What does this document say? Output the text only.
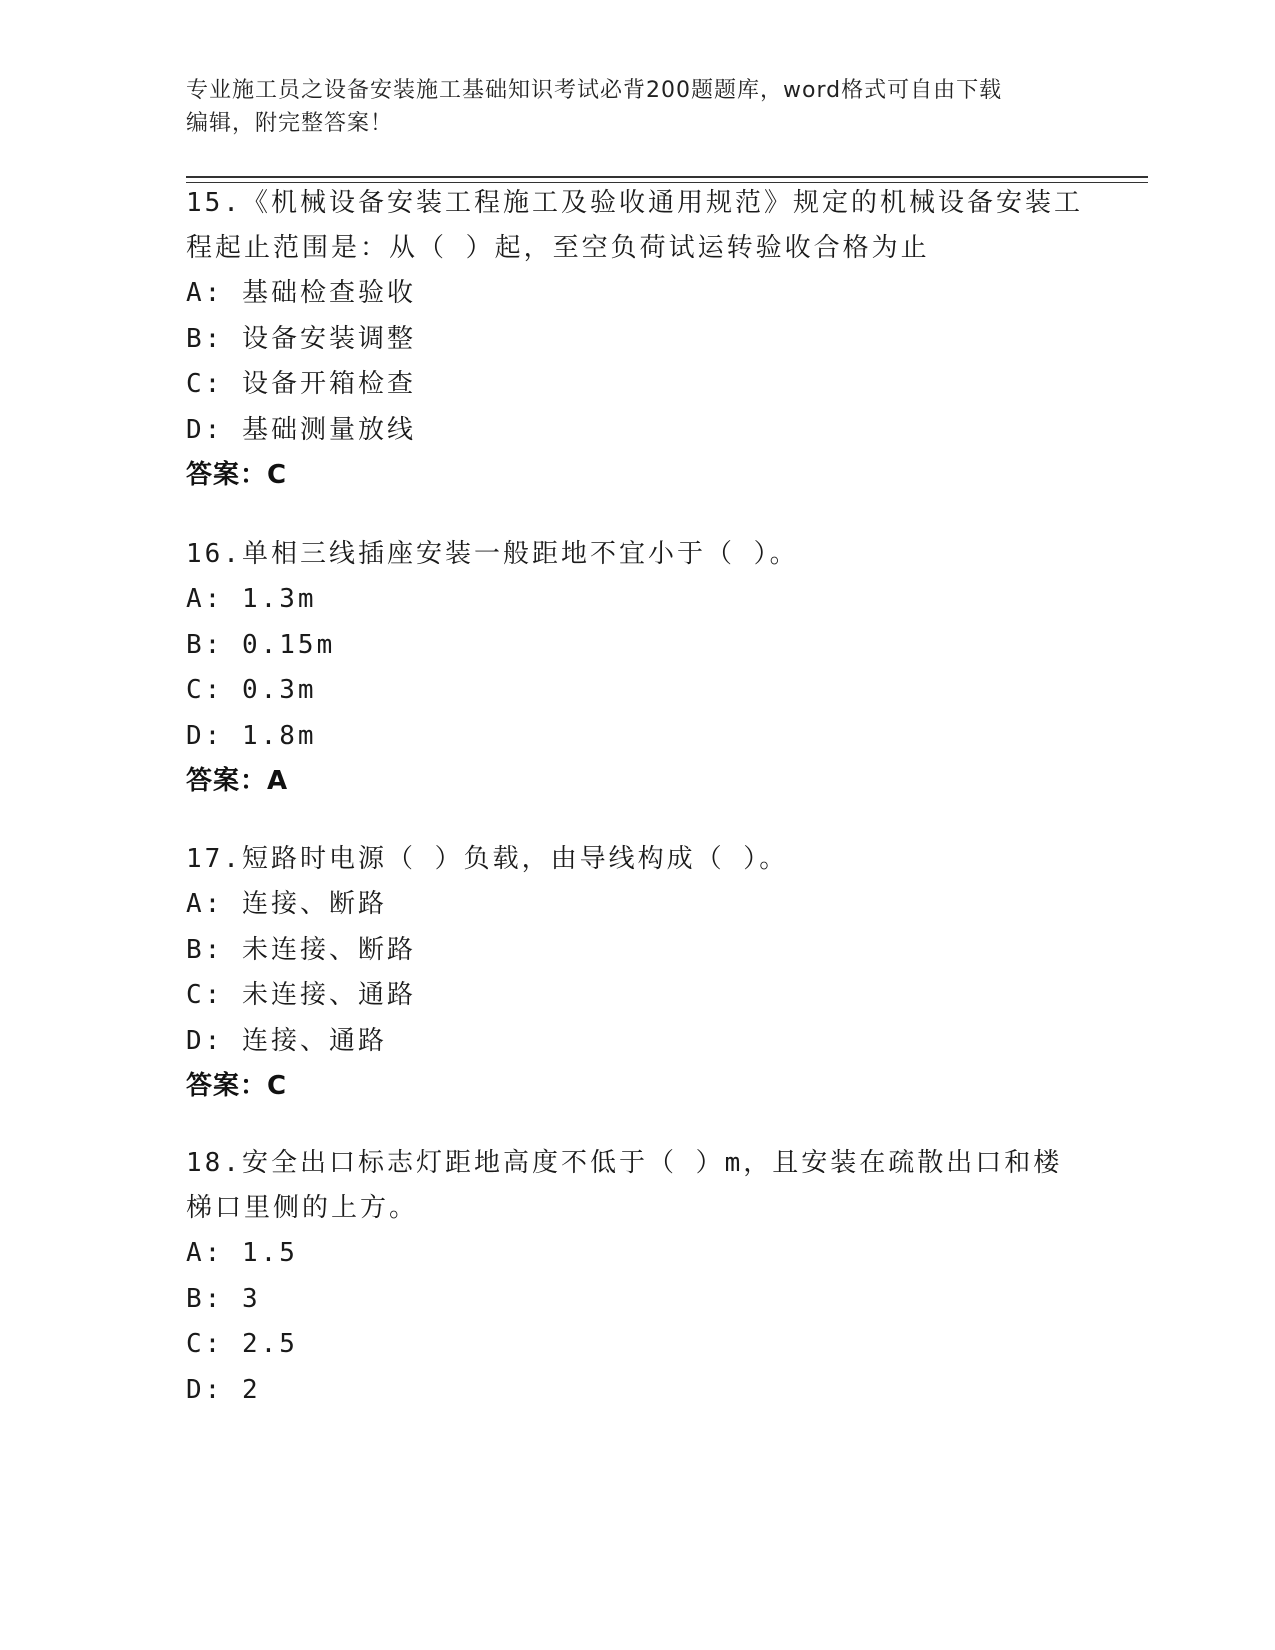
专业施工员之设备安装施工基础知识考试必背200题题库，word格式可自由下载
编辑，附完整答案！
15.《机械设备安装工程施工及验收通用规范》规定的机械设备安装工程起止范围是：从（ ）起，至空负荷试运转验收合格为止
A: 基础检查验收
B: 设备安装调整
C: 设备开箱检查
D: 基础测量放线
答案：C
16.单相三线插座安装一般距地不宜小于（ ）。
A: 1.3m
B: 0.15m
C: 0.3m
D: 1.8m
答案：A
17.短路时电源（ ）负载，由导线构成（ ）。
A: 连接、断路
B: 未连接、断路
C: 未连接、通路
D: 连接、通路
答案：C
18.安全出口标志灯距地高度不低于（ ）m，且安装在疏散出口和楼梯口里侧的上方。
A: 1.5
B: 3
C: 2.5
D: 2
